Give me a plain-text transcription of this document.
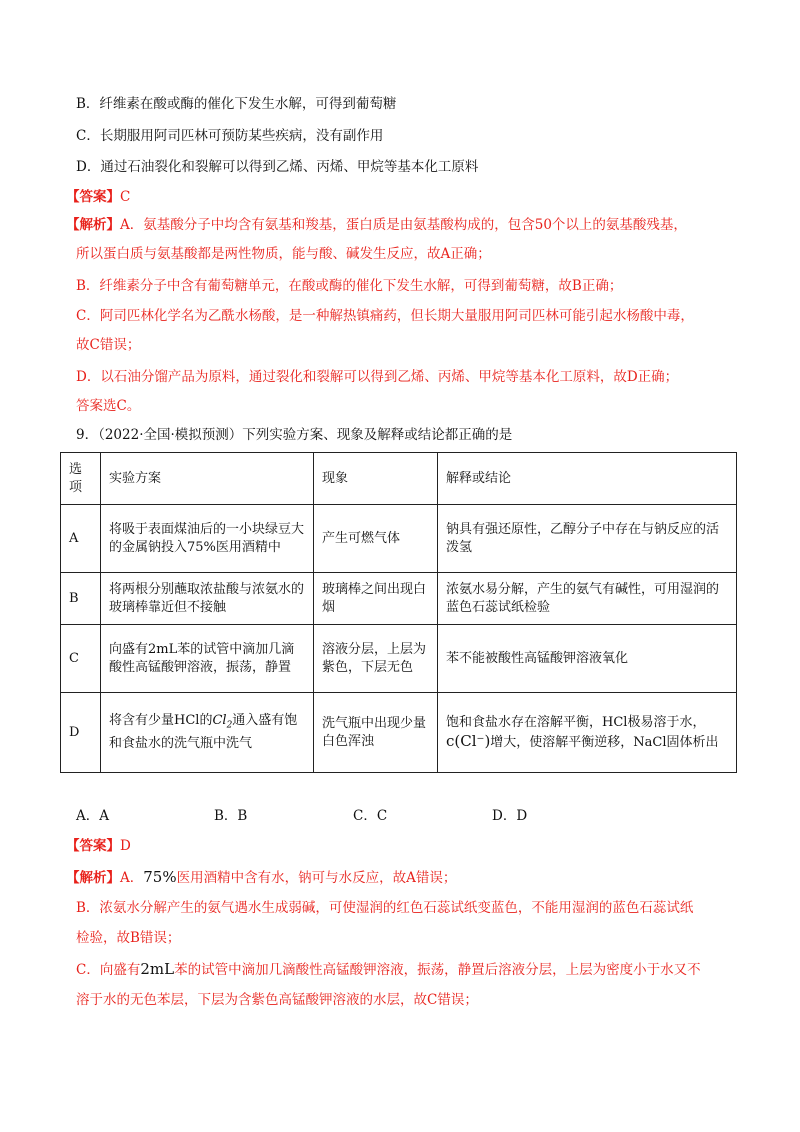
B．纤维素在酸或酶的催化下发生水解，可得到葡萄糖
C．长期服用阿司匹林可预防某些疾病，没有副作用
D．通过石油裂化和裂解可以得到乙烯、丙烯、甲烷等基本化工原料
【答案】C
【解析】A．氨基酸分子中均含有氨基和羧基，蛋白质是由氨基酸构成的，包含50个以上的氨基酸残基，
所以蛋白质与氨基酸都是两性物质，能与酸、碱发生反应，故A正确；
B．纤维素分子中含有葡萄糖单元，在酸或酶的催化下发生水解，可得到葡萄糖，故B正确；
C．阿司匹林化学名为乙酰水杨酸，是一种解热镇痛药，但长期大量服用阿司匹林可能引起水杨酸中毒，
故C错误；
D．以石油分馏产品为原料，通过裂化和裂解可以得到乙烯、丙烯、甲烷等基本化工原料，故D正确；
答案选C。
9．（2022·全国·模拟预测）下列实验方案、现象及解释或结论都正确的是
选项	实验方案	现象	解释或结论
A	将吸于表面煤油后的一小块绿豆大的金属钠投入75%医用酒精中	产生可燃气体	钠具有强还原性，乙醇分子中存在与钠反应的活泼氢
B	将两根分别蘸取浓盐酸与浓氨水的玻璃棒靠近但不接触	玻璃棒之间出现白烟	浓氨水易分解，产生的氨气有碱性，可用湿润的蓝色石蕊试纸检验
C	向盛有2mL苯的试管中滴加几滴酸性高锰酸钾溶液，振荡，静置	溶液分层，上层为紫色，下层无色	苯不能被酸性高锰酸钾溶液氧化
D	将含有少量HCl的$Cl_2$通入盛有饱和食盐水的洗气瓶中洗气	洗气瓶中出现少量白色浑浊	饱和食盐水存在溶解平衡，HCl极易溶于水，c(Cl⁻)增大，使溶解平衡逆移，NaCl固体析出
A．A	B．B	C．C	D．D
【答案】D
【解析】A．75%医用酒精中含有水，钠可与水反应，故A错误；
B．浓氨水分解产生的氨气遇水生成弱碱，可使湿润的红色石蕊试纸变蓝色，不能用湿润的蓝色石蕊试纸
检验，故B错误；
C．向盛有2mL苯的试管中滴加几滴酸性高锰酸钾溶液，振荡，静置后溶液分层，上层为密度小于水又不
溶于水的无色苯层，下层为含紫色高锰酸钾溶液的水层，故C错误；
